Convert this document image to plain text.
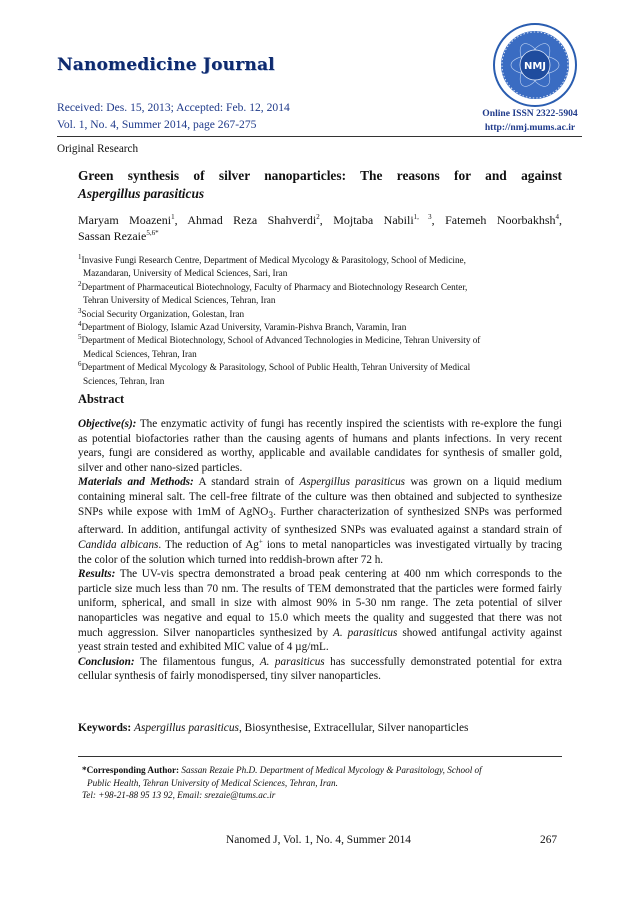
Nanomedicine Journal	NMJ
Received: Des. 15, 2013; Accepted: Feb. 12, 2014
Vol. 1, No. 4, Summer 2014, page 267-275
Online ISSN 2322-5904
http://nmj.mums.ac.ir
Original Research
Green synthesis of silver nanoparticles: The reasons for and against
Aspergillus parasiticus
Maryam Moazeni$^1$, Ahmad Reza Shahverdi$^2$, Mojtaba Nabili$^{1, 3}$, Fatemeh Noorbakhsh$^4$,
Sassan Rezaie$^{5,6*}$
$^1$Invasive Fungi Research Centre, Department of Medical Mycology & Parasitology, School of Medicine,
Mazandaran, University of Medical Sciences, Sari, Iran
$^2$Department of Pharmaceutical Biotechnology, Faculty of Pharmacy and Biotechnology Research Center,
Tehran University of Medical Sciences, Tehran, Iran
$^3$Social Security Organization, Golestan, Iran
$^4$Department of Biology, Islamic Azad University, Varamin-Pishva Branch, Varamin, Iran
$^5$Department of Medical Biotechnology, School of Advanced Technologies in Medicine, Tehran University of
Medical Sciences, Tehran, Iran
$^6$Department of Medical Mycology & Parasitology, School of Public Health, Tehran University of Medical
Sciences, Tehran, Iran
Abstract

Objective(s): The enzymatic activity of fungi has recently inspired the scientists with re-explore the fungi as potential biofactories rather than the causing agents of humans and plants infections. In very recent years, fungi are considered as worthy, applicable and available candidates for synthesis of smaller gold, silver and other nano-sized particles.

Materials and Methods: A standard strain of Aspergillus parasiticus was grown on a liquid medium containing mineral salt. The cell-free filtrate of the culture was then obtained and subjected to synthesize SNPs while expose with 1mM of AgNO$_3$. Further characterization of synthesized SNPs was performed afterward. In addition, antifungal activity of synthesized SNPs was evaluated against a standard strain of Candida albicans. The reduction of Ag+ ions to metal nanoparticles was investigated virtually by tracing the color of the solution which turned into reddish-brown after 72 h.

Results: The UV-vis spectra demonstrated a broad peak centering at 400 nm which corresponds to the particle size much less than 70 nm. The results of TEM demonstrated that the particles were formed fairly uniform, spherical, and small in size with almost 90% in 5-30 nm range. The zeta potential of silver nanoparticles was negative and equal to 15.0 which meets the quality and suggested that there was not much aggression. Silver nanoparticles synthesized by A. parasiticus showed antifungal activity against yeast strain tested and exhibited MIC value of 4 µg/mL.

Conclusion: The filamentous fungus, A. parasiticus has successfully demonstrated potential for extra cellular synthesis of fairly monodispersed, tiny silver nanoparticles.

Keywords: Aspergillus parasiticus, Biosynthesise, Extracellular, Silver nanoparticles
*Corresponding Author: Sassan Rezaie Ph.D. Department of Medical Mycology & Parasitology, School of
Public Health, Tehran University of Medical Sciences, Tehran, Iran.
Tel: +98-21-88 95 13 92, Email: srezaie@tums.ac.ir
Nanomed J, Vol. 1, No. 4, Summer 2014	267
